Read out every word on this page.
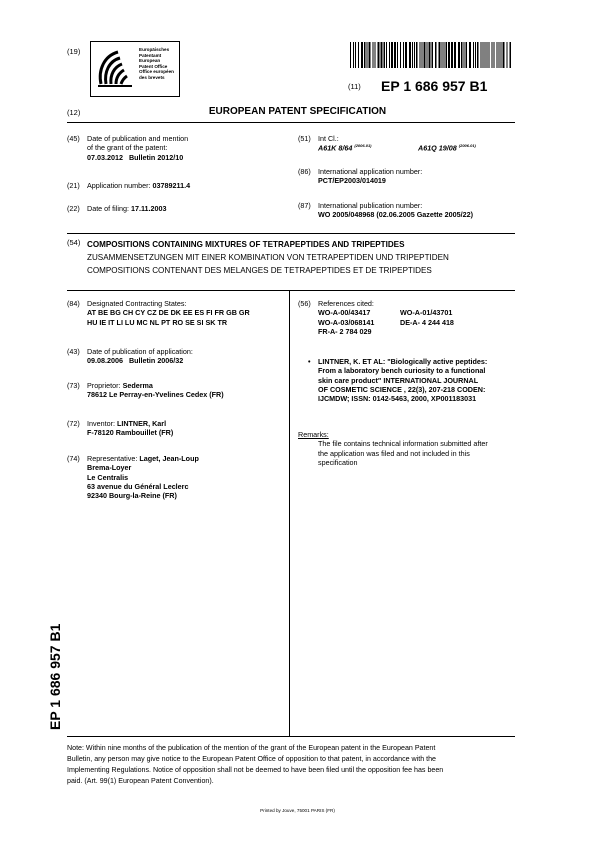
(19)	Europäisches
Patentamt
European
Patent Office
Office européen
des brevets
(11) EP 1 686 957 B1
(12)	EUROPEAN PATENT SPECIFICATION
(45) Date of publication and mention
of the grant of the patent:
07.03.2012   Bulletin 2012/10
(21) Application number: 03789211.4
(22) Date of filing: 17.11.2003
(51) Int Cl.:
A61K 8/64 $^{(2006.01)}$	A61Q 19/08 $^{(2006.01)}$
(86) International application number:
PCT/EP2003/014019
(87) International publication number:
WO 2005/048968 (02.06.2005 Gazette 2005/22)
(54) COMPOSITIONS CONTAINING MIXTURES OF TETRAPEPTIDES AND TRIPEPTIDES
ZUSAMMENSETZUNGEN MIT EINER KOMBINATION VON TETRAPEPTIDEN UND TRIPEPTIDEN
COMPOSITIONS CONTENANT DES MELANGES DE TETRAPEPTIDES ET DE TRIPEPTIDES
(84) Designated Contracting States:
AT BE BG CH CY CZ DE DK EE ES FI FR GB GR
HU IE IT LI LU MC NL PT RO SE SI SK TR
(43) Date of publication of application:
09.08.2006   Bulletin 2006/32
(73) Proprietor: Sederma
78612 Le Perray-en-Yvelines Cedex (FR)
(72) Inventor: LINTNER, Karl
F-78120 Rambouillet (FR)
(74) Representative: Laget, Jean-Loup
Brema-Loyer
Le Centralis
63 avenue du Général Leclerc
92340 Bourg-la-Reine (FR)
(56) References cited:
WO-A-00/43417	WO-A-01/43701
WO-A-03/068141	DE-A- 4 244 418
FR-A- 2 784 029
• LINTNER, K. ET AL: "Biologically active peptides:
From a laboratory bench curiosity to a functional
skin care product" INTERNATIONAL JOURNAL
OF COSMETIC SCIENCE , 22(3), 207-218 CODEN:
IJCMDW; ISSN: 0142-5463, 2000, XP001183031
Remarks:
The file contains technical information submitted after
the application was filed and not included in this
specification
EP 1 686 957 B1
Note: Within nine months of the publication of the mention of the grant of the European patent in the European Patent
Bulletin, any person may give notice to the European Patent Office of opposition to that patent, in accordance with the
Implementing Regulations. Notice of opposition shall not be deemed to have been filed until the opposition fee has been
paid. (Art. 99(1) European Patent Convention).
Printed by Jouve, 75001 PARIS (FR)
